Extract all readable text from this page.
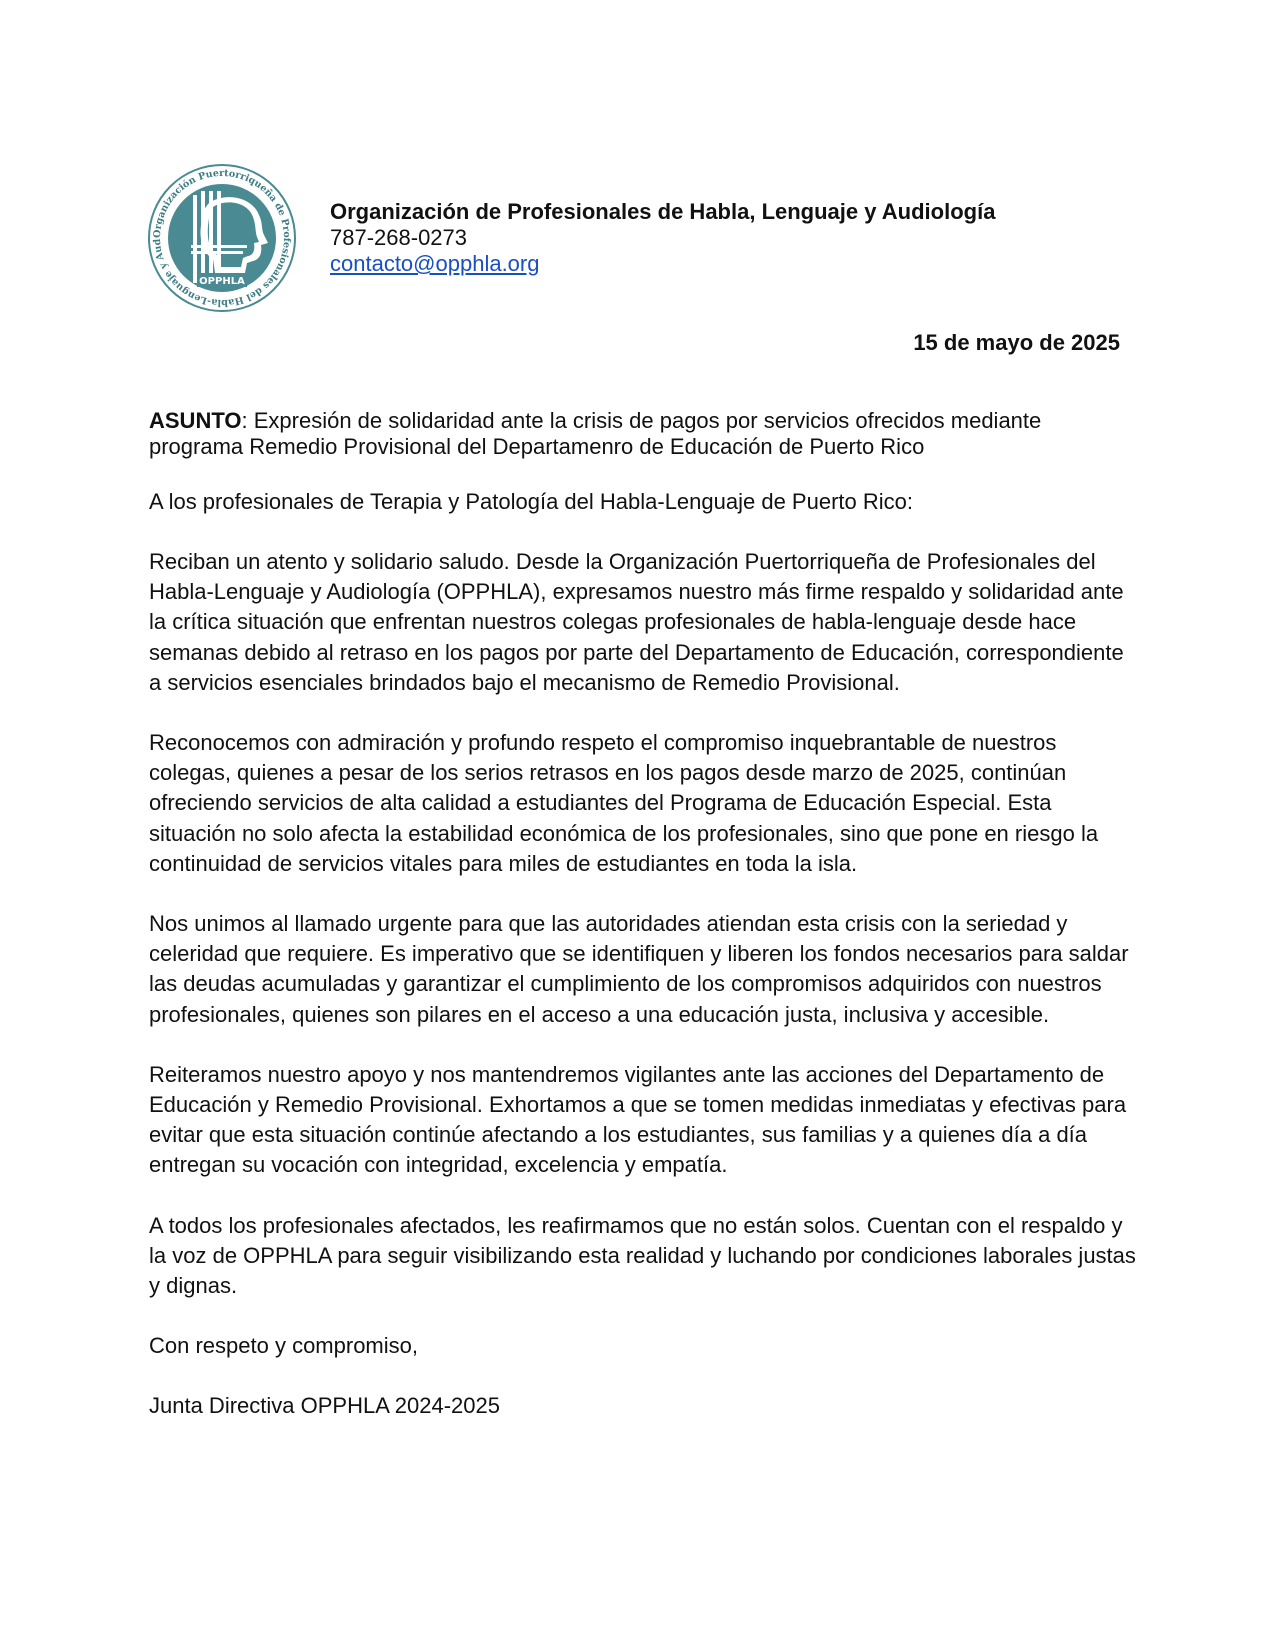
Organización Puertorriqueña de Profesionales del Habla-Lenguaje y Aud
OPPHLA
Organización de Profesionales de Habla, Lenguaje y Audiología
787-268-0273
contacto@opphla.org
15 de mayo de 2025

ASUNTO: Expresión de solidaridad ante la crisis de pagos por servicios ofrecidos mediante programa Remedio Provisional del Departamenro de Educación de Puerto Rico

A los profesionales de Terapia y Patología del Habla-Lenguaje de Puerto Rico:

Reciban un atento y solidario saludo. Desde la Organización Puertorriqueña de Profesionales del Habla-Lenguaje y Audiología (OPPHLA), expresamos nuestro más firme respaldo y solidaridad ante la crítica situación que enfrentan nuestros colegas profesionales de habla-lenguaje desde hace semanas debido al retraso en los pagos por parte del Departamento de Educación, correspondiente a servicios esenciales brindados bajo el mecanismo de Remedio Provisional.

Reconocemos con admiración y profundo respeto el compromiso inquebrantable de nuestros colegas, quienes a pesar de los serios retrasos en los pagos desde marzo de 2025, continúan ofreciendo servicios de alta calidad a estudiantes del Programa de Educación Especial. Esta situación no solo afecta la estabilidad económica de los profesionales, sino que pone en riesgo la continuidad de servicios vitales para miles de estudiantes en toda la isla.

Nos unimos al llamado urgente para que las autoridades atiendan esta crisis con la seriedad y celeridad que requiere. Es imperativo que se identifiquen y liberen los fondos necesarios para saldar las deudas acumuladas y garantizar el cumplimiento de los compromisos adquiridos con nuestros profesionales, quienes son pilares en el acceso a una educación justa, inclusiva y accesible.

Reiteramos nuestro apoyo y nos mantendremos vigilantes ante las acciones del Departamento de Educación y Remedio Provisional. Exhortamos a que se tomen medidas inmediatas y efectivas para evitar que esta situación continúe afectando a los estudiantes, sus familias y a quienes día a día entregan su vocación con integridad, excelencia y empatía.

A todos los profesionales afectados, les reafirmamos que no están solos. Cuentan con el respaldo y la voz de OPPHLA para seguir visibilizando esta realidad y luchando por condiciones laborales justas y dignas.

Con respeto y compromiso,

Junta Directiva OPPHLA 2024-2025
